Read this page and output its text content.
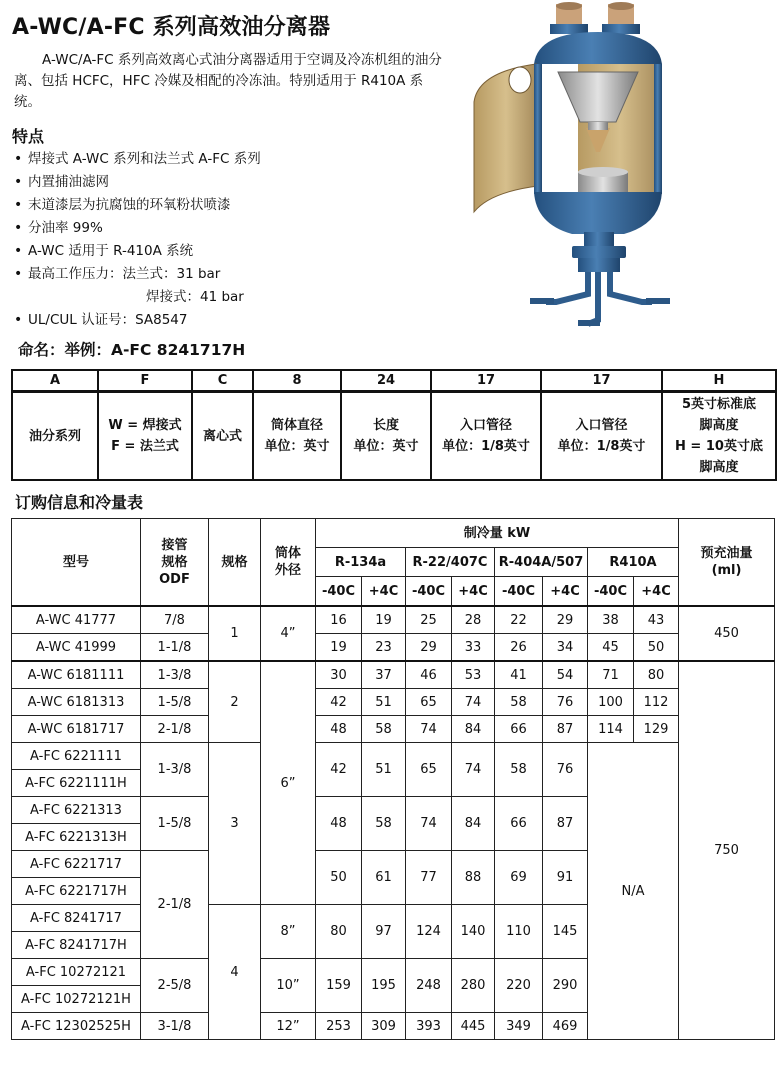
A-WC/A-FC 系列高效油分离器
A-WC/A-FC 系列高效离心式油分离器适用于空调及冷冻机组的油分离、包括 HCFC，HFC 冷媒及相配的冷冻油。特别适用于 R410A 系统。
特点
• 焊接式 A-WC 系列和法兰式 A-FC 系列
• 内置捕油滤网
• 末道漆层为抗腐蚀的环氧粉状喷漆
• 分油率 99%
• A-WC 适用于 R-410A 系统
• 最高工作压力：法兰式：31 bar
焊接式：41 bar
• UL/CUL 认证号：SA8547
命名：举例：A-FC 8241717H
A	F	C	8	24	17	17	H
油分系列	W = 焊接式
F = 法兰式	离心式	筒体直径
单位：英寸	长度
单位：英寸	入口管径
单位：1/8英寸	入口管径
单位：1/8英寸	5英寸标准底
脚高度
H = 10英寸底
脚高度
订购信息和冷量表
型号	接管
规格
ODF	规格	筒体
外径	制冷量 kW								预充油量
(ml)
				R-134a		R-22/407C		R-404A/507		R410A		
				-40C	+4C	-40C	+4C	-40C	+4C	-40C	+4C	
A-WC 41777	7/8	1	4”	16	19	25	28	22	29	38	43	450
A-WC 41999	1-1/8			19	23	29	33	26	34	45	50	
A-WC 6181111	1-3/8	2	6”	30	37	46	53	41	54	71	80	750
A-WC 6181313	1-5/8			42	51	65	74	58	76	100	112	
A-WC 6181717	2-1/8			48	58	74	84	66	87	114	129	
A-FC 6221111	1-3/8	3		42	51	65	74	58	76	N/A		
A-FC 6221111H												
A-FC 6221313	1-5/8			48	58	74	84	66	87			
A-FC 6221313H												
A-FC 6221717	2-1/8			50	61	77	88	69	91			
A-FC 6221717H												
A-FC 8241717		4	8”	80	97	124	140	110	145			
A-FC 8241717H												
A-FC 10272121	2-5/8		10”	159	195	248	280	220	290			
A-FC 10272121H												
A-FC 12302525H	3-1/8		12”	253	309	393	445	349	469			
